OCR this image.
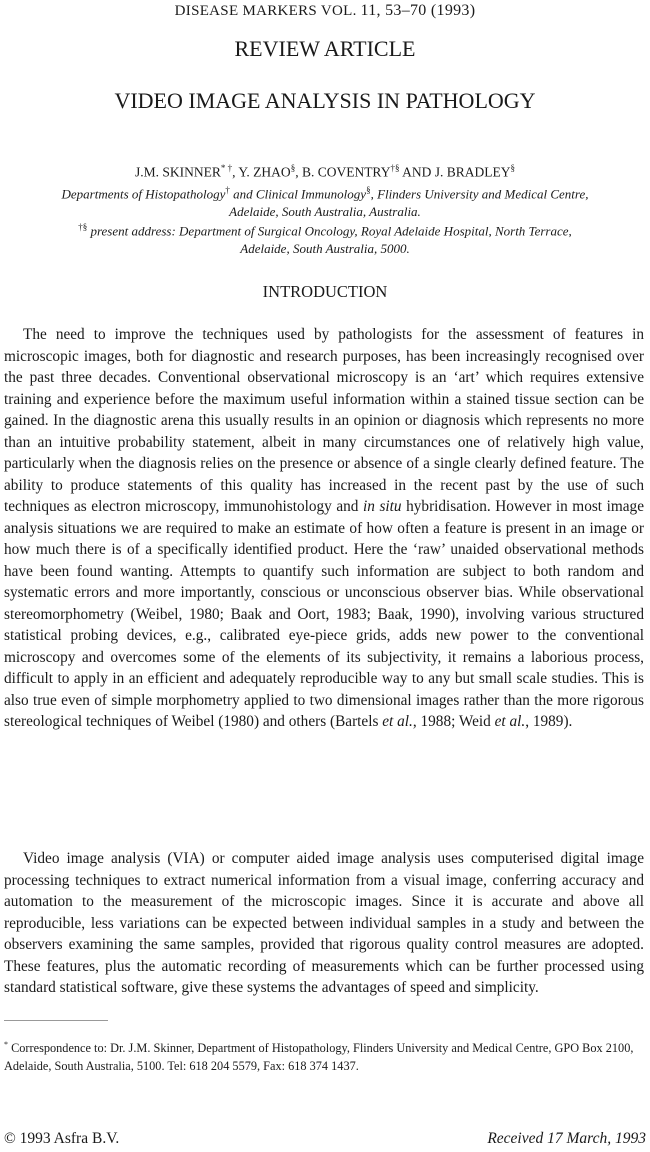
DISEASE MARKERS VOL. 11, 53–70 (1993)
REVIEW ARTICLE
VIDEO IMAGE ANALYSIS IN PATHOLOGY
J.M. SKINNER* †, Y. ZHAO§, B. COVENTRY†§ AND J. BRADLEY§
Departments of Histopathology† and Clinical Immunology§, Flinders University and Medical Centre,
Adelaide, South Australia, Australia.
†§ present address: Department of Surgical Oncology, Royal Adelaide Hospital, North Terrace,
Adelaide, South Australia, 5000.
INTRODUCTION

The need to improve the techniques used by pathologists for the assessment of features in microscopic images, both for diagnostic and research purposes, has been increasingly recognised over the past three decades. Conventional observational microscopy is an ‘art’ which requires extensive training and experience before the maximum useful information within a stained tissue section can be gained. In the diagnostic arena this usually results in an opinion or diagnosis which represents no more than an intuitive probability statement, albeit in many circumstances one of relatively high value, particularly when the diagnosis relies on the presence or absence of a single clearly defined feature. The ability to produce statements of this quality has increased in the recent past by the use of such techniques as electron microscopy, immunohistology and in situ hybridisation. However in most image analysis situations we are required to make an estimate of how often a feature is present in an image or how much there is of a specifically identified product. Here the ‘raw’ unaided observational methods have been found wanting. Attempts to quantify such information are subject to both random and systematic errors and more importantly, conscious or unconscious observer bias. While observational stereomorphometry (Weibel, 1980; Baak and Oort, 1983; Baak, 1990), involving various structured statistical probing devices, e.g., calibrated eye-piece grids, adds new power to the conventional microscopy and overcomes some of the elements of its subjectivity, it remains a laborious process, difficult to apply in an efficient and adequately reproducible way to any but small scale studies. This is also true even of simple morphometry applied to two dimensional images rather than the more rigorous stereological techniques of Weibel (1980) and others (Bartels et al., 1988; Weid et al., 1989).

Video image analysis (VIA) or computer aided image analysis uses computerised digital image processing techniques to extract numerical information from a visual image, conferring accuracy and automation to the measurement of the microscopic images. Since it is accurate and above all reproducible, less variations can be expected between individual samples in a study and between the observers examining the same samples, provided that rigorous quality control measures are adopted. These features, plus the automatic recording of measurements which can be further processed using standard statistical software, give these systems the advantages of speed and simplicity.

* Correspondence to: Dr. J.M. Skinner, Department of Histopathology, Flinders University and Medical Centre, GPO Box 2100, Adelaide, South Australia, 5100. Tel: 618 204 5579, Fax: 618 374 1437.

© 1993 Asfra B.V.	Received 17 March, 1993
